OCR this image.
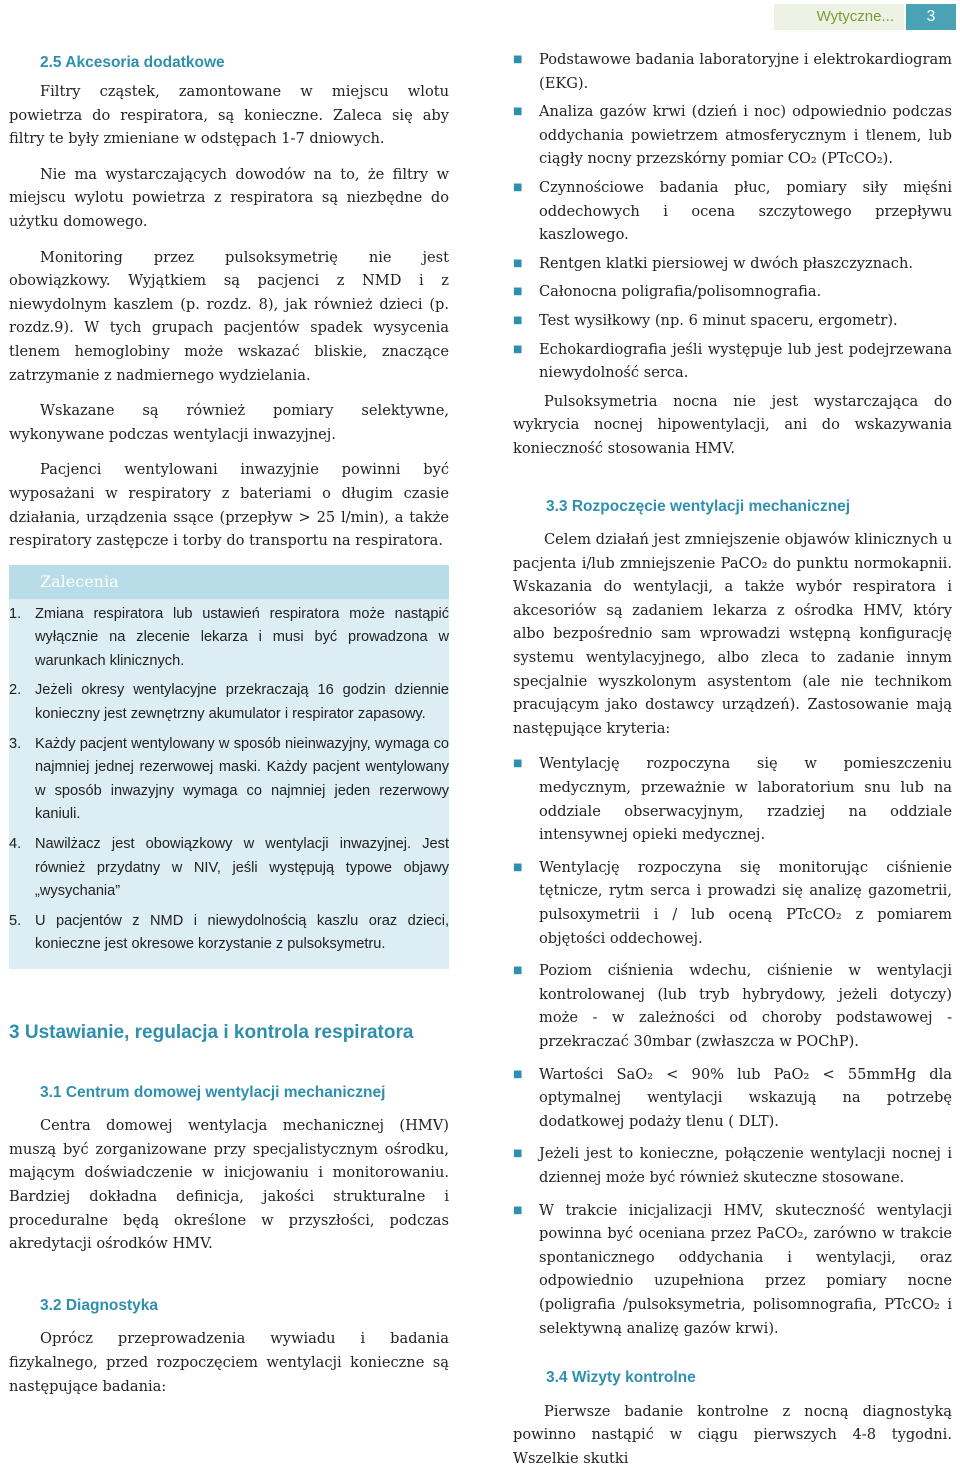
Wytyczne...	3
2.5 Akcesoria dodatkowe

Filtry cząstek, zamontowane w miejscu wlotu powietrza do respiratora, są konieczne. Zaleca się aby filtry te były zmieniane w odstępach 1-7 dniowych.

Nie ma wystarczających dowodów na to, że filtry w miejscu wylotu powietrza z respiratora są niezbędne do użytku domowego.

Monitoring przez pulsoksymetrię nie jest obowiązkowy. Wyjątkiem są pacjenci z NMD i z niewydolnym kaszlem (p. rozdz. 8), jak również dzieci (p. rozdz.9). W tych grupach pacjentów spadek wysycenia tlenem hemoglobiny może wskazać bliskie, znaczące zatrzymanie z nadmiernego wydzielania.

Wskazane są również pomiary selektywne, wykonywane podczas wentylacji inwazyjnej.

Pacjenci wentylowani inwazyjnie powinni być wyposażani w respiratory z bateriami o długim czasie działania, urządzenia ssące (przepływ > 25 l/min), a także respiratory zastępcze i torby do transportu na respiratora.

Zalecenia
1. Zmiana respiratora lub ustawień respiratora może nastąpić wyłącznie na zlecenie lekarza i musi być prowadzona w warunkach klinicznych.
2. Jeżeli okresy wentylacyjne przekraczają 16 godzin dziennie konieczny jest zewnętrzny akumulator i respirator zapasowy.
3. Każdy pacjent wentylowany w sposób nieinwazyjny, wymaga co najmniej jednej rezerwowej maski. Każdy pacjent wentylowany w sposób inwazyjny wymaga co najmniej jeden rezerwowy kaniuli.
4. Nawilżacz jest obowiązkowy w wentylacji inwazyjnej. Jest również przydatny w NIV, jeśli występują typowe objawy „wysychania”
5. U pacjentów z NMD i niewydolnością kaszlu oraz dzieci, konieczne jest okresowe korzystanie z pulsoksymetru.
3 Ustawianie, regulacja i kontrola respiratora
3.1 Centrum domowej wentylacji mechanicznej

Centra domowej wentylacja mechanicznej (HMV) muszą być zorganizowane przy specjalistycznym ośrodku, mającym doświadczenie w inicjowaniu i monitorowaniu. Bardziej dokładna definicja, jakości strukturalne i proceduralne będą określone w przyszłości, podczas akredytacji ośrodków HMV.

3.2 Diagnostyka

Oprócz przeprowadzenia wywiadu i badania fizykalnego, przed rozpoczęciem wentylacji konieczne są następujące badania:

■	Podstawowe badania laboratoryjne i elektrokardiogram (EKG).
■	Analiza gazów krwi (dzień i noc) odpowiednio podczas oddychania powietrzem atmosferycznym i tlenem, lub ciągły nocny przezskórny pomiar CO₂ (PTcCO₂).
■	Czynnościowe badania płuc, pomiary siły mięśni oddechowych i ocena szczytowego przepływu kaszlowego.
■	Rentgen klatki piersiowej w dwóch płaszczyznach.
■	Całonocna poligrafia/polisomnografia.
■	Test wysiłkowy (np. 6 minut spaceru, ergometr).
■	Echokardiografia jeśli występuje lub jest podejrzewana niewydolność serca.

Pulsoksymetria nocna nie jest wystarczająca do wykrycia nocnej hipowentylacji, ani do wskazywania konieczność stosowania HMV.

3.3 Rozpoczęcie wentylacji mechanicznej

Celem działań jest zmniejszenie objawów klinicznych u pacjenta i/lub zmniejszenie PaCO₂ do punktu normokapnii. Wskazania do wentylacji, a także wybór respiratora i akcesoriów są zadaniem lekarza z ośrodka HMV, który albo bezpośrednio sam wprowadzi wstępną konfigurację systemu wentylacyjnego, albo zleca to zadanie innym specjalnie wyszkolonym asystentom (ale nie technikom pracującym jako dostawcy urządzeń). Zastosowanie mają następujące kryteria:

■	Wentylację rozpoczyna się w pomieszczeniu medycznym, przeważnie w laboratorium snu lub na oddziale obserwacyjnym, rzadziej na oddziale intensywnej opieki medycznej.
■	Wentylację rozpoczyna się monitorując ciśnienie tętnicze, rytm serca i prowadzi się analizę gazometrii, pulsoxymetrii i / lub oceną PTcCO₂ z pomiarem objętości oddechowej.
■	Poziom ciśnienia wdechu, ciśnienie w wentylacji kontrolowanej (lub tryb hybrydowy, jeżeli dotyczy) może - w zależności od choroby podstawowej - przekraczać 30mbar (zwłaszcza w POChP).
■	Wartości SaO₂ < 90% lub PaO₂ < 55mmHg dla optymalnej wentylacji wskazują na potrzebę dodatkowej podaży tlenu ( DLT).
■	Jeżeli jest to konieczne, połączenie wentylacji nocnej i dziennej może być również skuteczne stosowane.
■	W trakcie inicjalizacji HMV, skuteczność wentylacji powinna być oceniana przez PaCO₂, zarówno w trakcie spontanicznego oddychania i wentylacji, oraz odpowiednio uzupełniona przez pomiary nocne (poligrafia /pulsoksymetria, polisomnografia, PTcCO₂ i selektywną analizę gazów krwi).
3.4 Wizyty kontrolne

Pierwsze badanie kontrolne z nocną diagnostyką powinno nastąpić w ciągu pierwszych 4-8 tygodni. Wszelkie skutki
